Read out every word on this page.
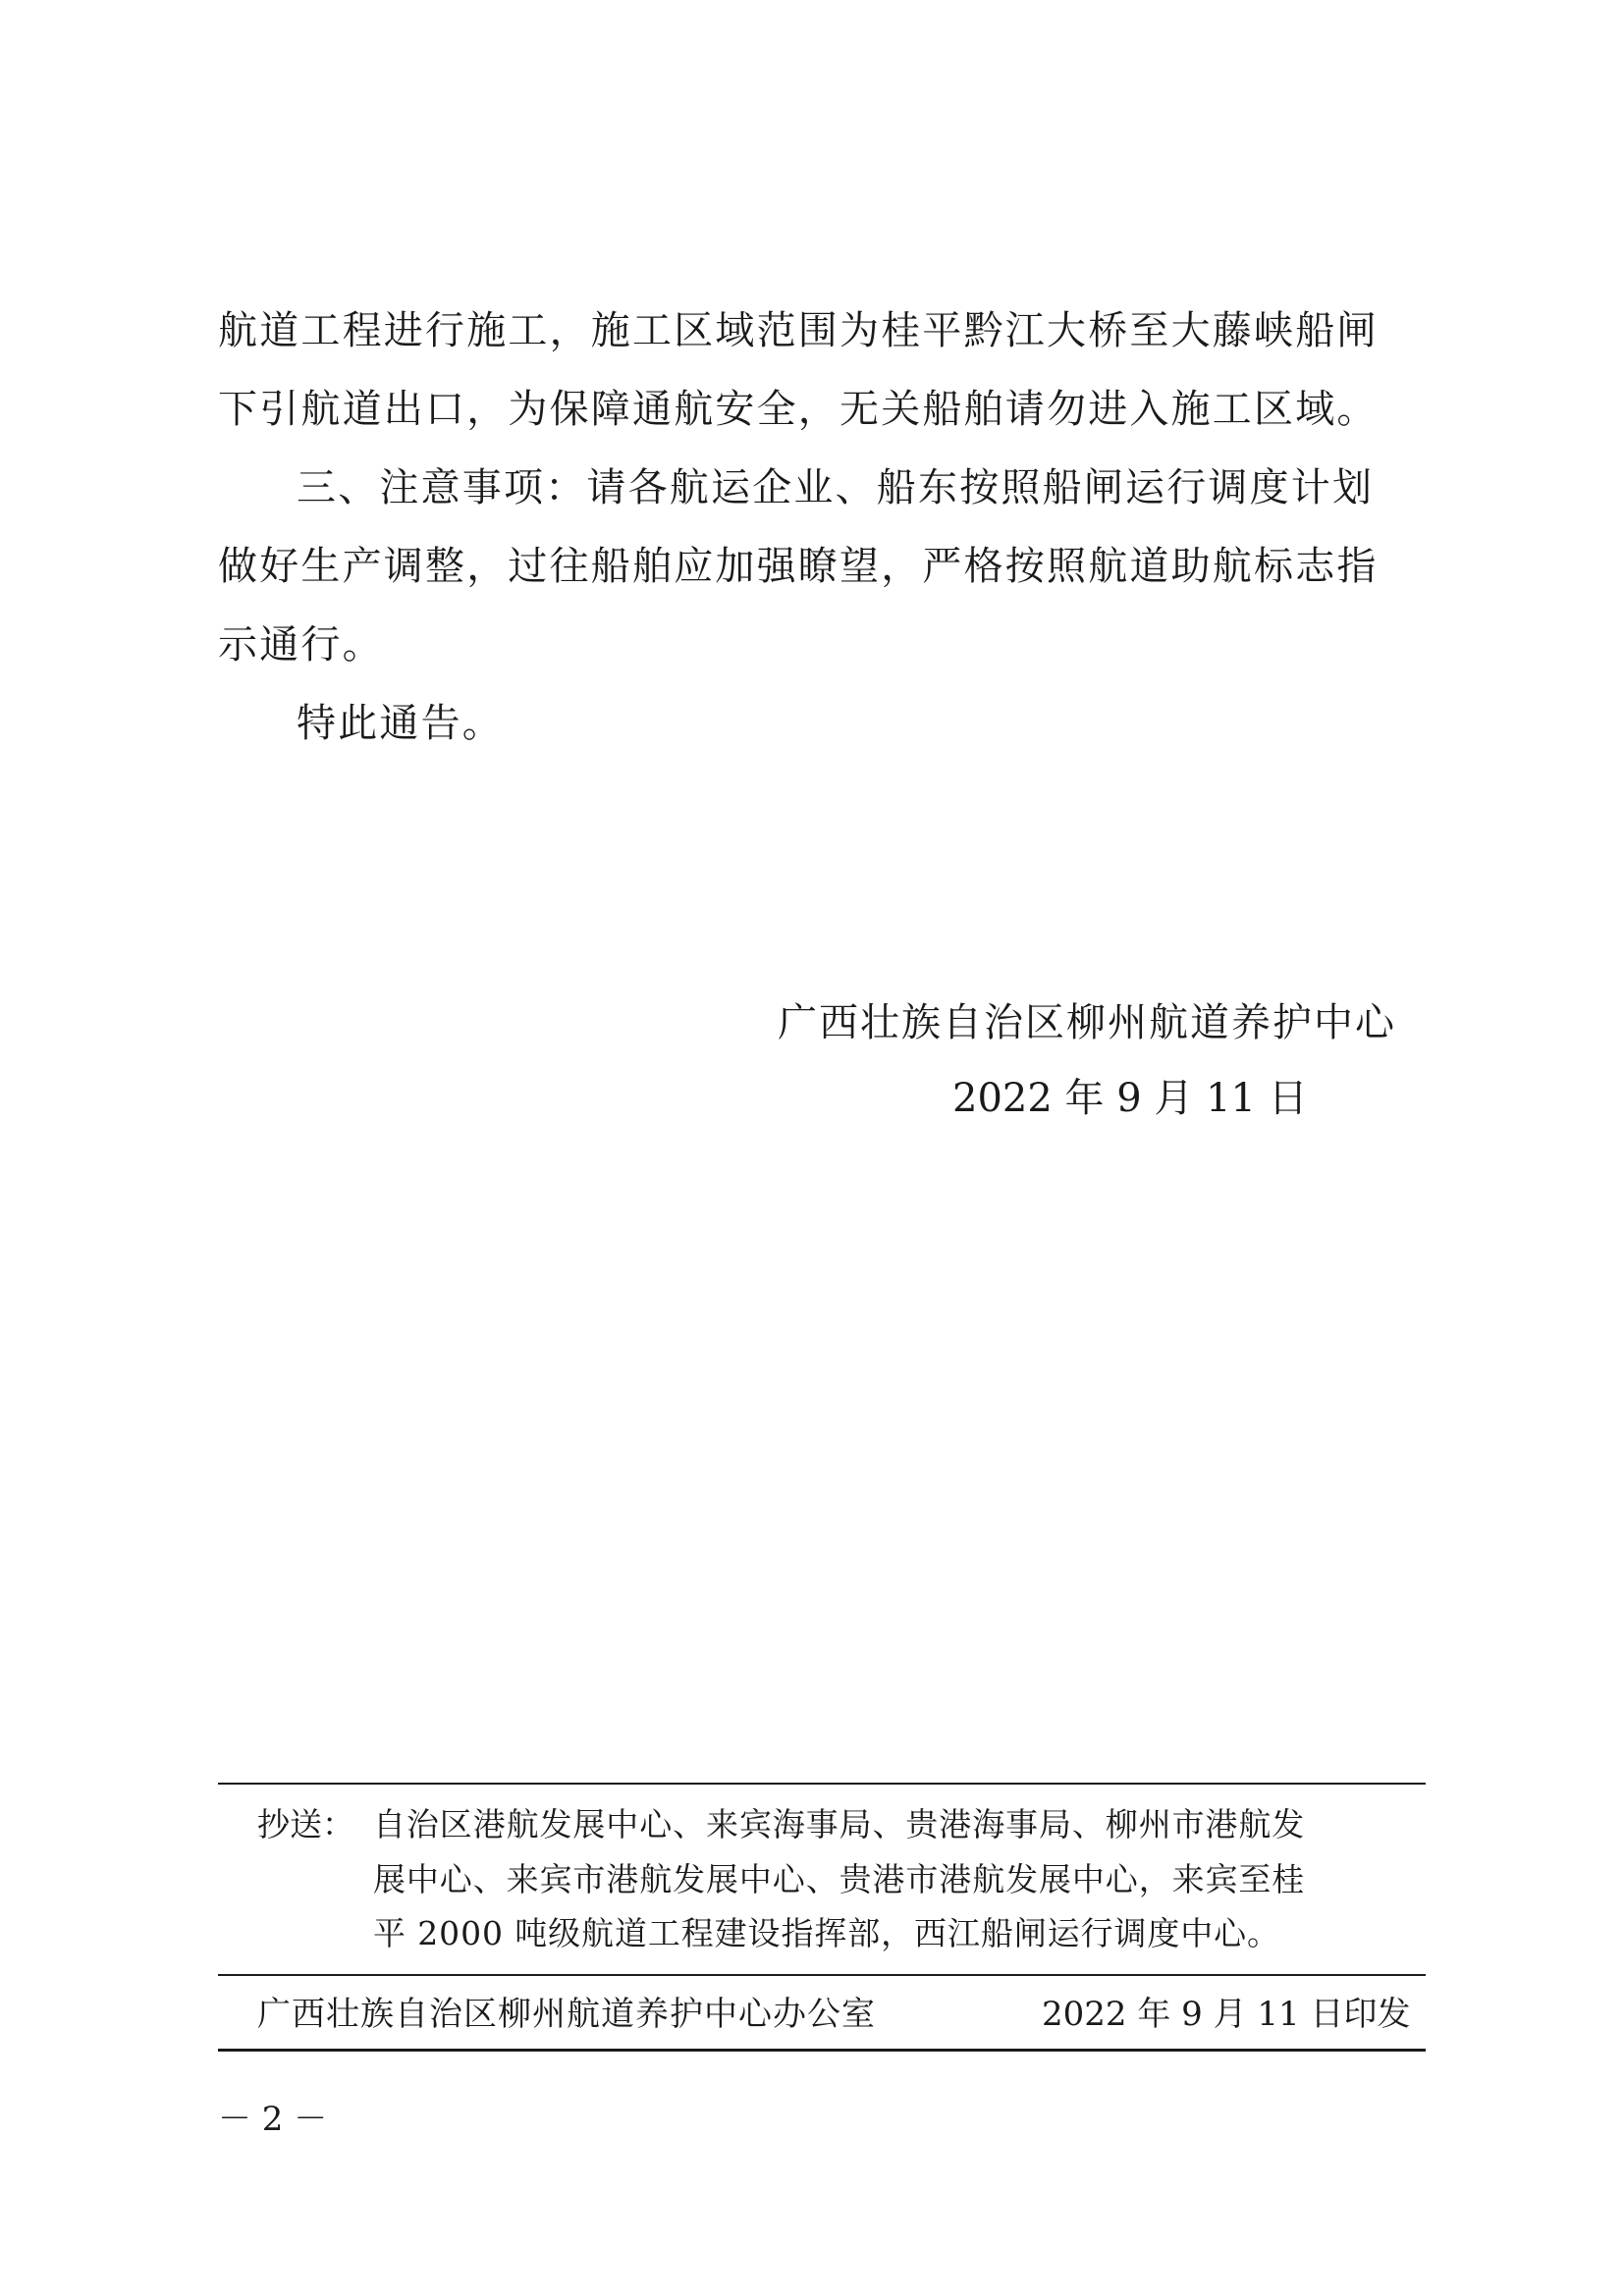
航道工程进行施工，施工区域范围为桂平黔江大桥至大藤峡船闸
下引航道出口，为保障通航安全，无关船舶请勿进入施工区域。
三、注意事项：请各航运企业、船东按照船闸运行调度计划
做好生产调整，过往船舶应加强瞭望，严格按照航道助航标志指
示通行。
特此通告。
广西壮族自治区柳州航道养护中心
2022 年 9 月 11 日
抄送： 自治区港航发展中心、来宾海事局、贵港海事局、柳州市港航发
展中心、来宾市港航发展中心、贵港市港航发展中心，来宾至桂
平 2000 吨级航道工程建设指挥部，西江船闸运行调度中心。
广西壮族自治区柳州航道养护中心办公室	2022 年 9 月 11 日印发
－ 2 －
